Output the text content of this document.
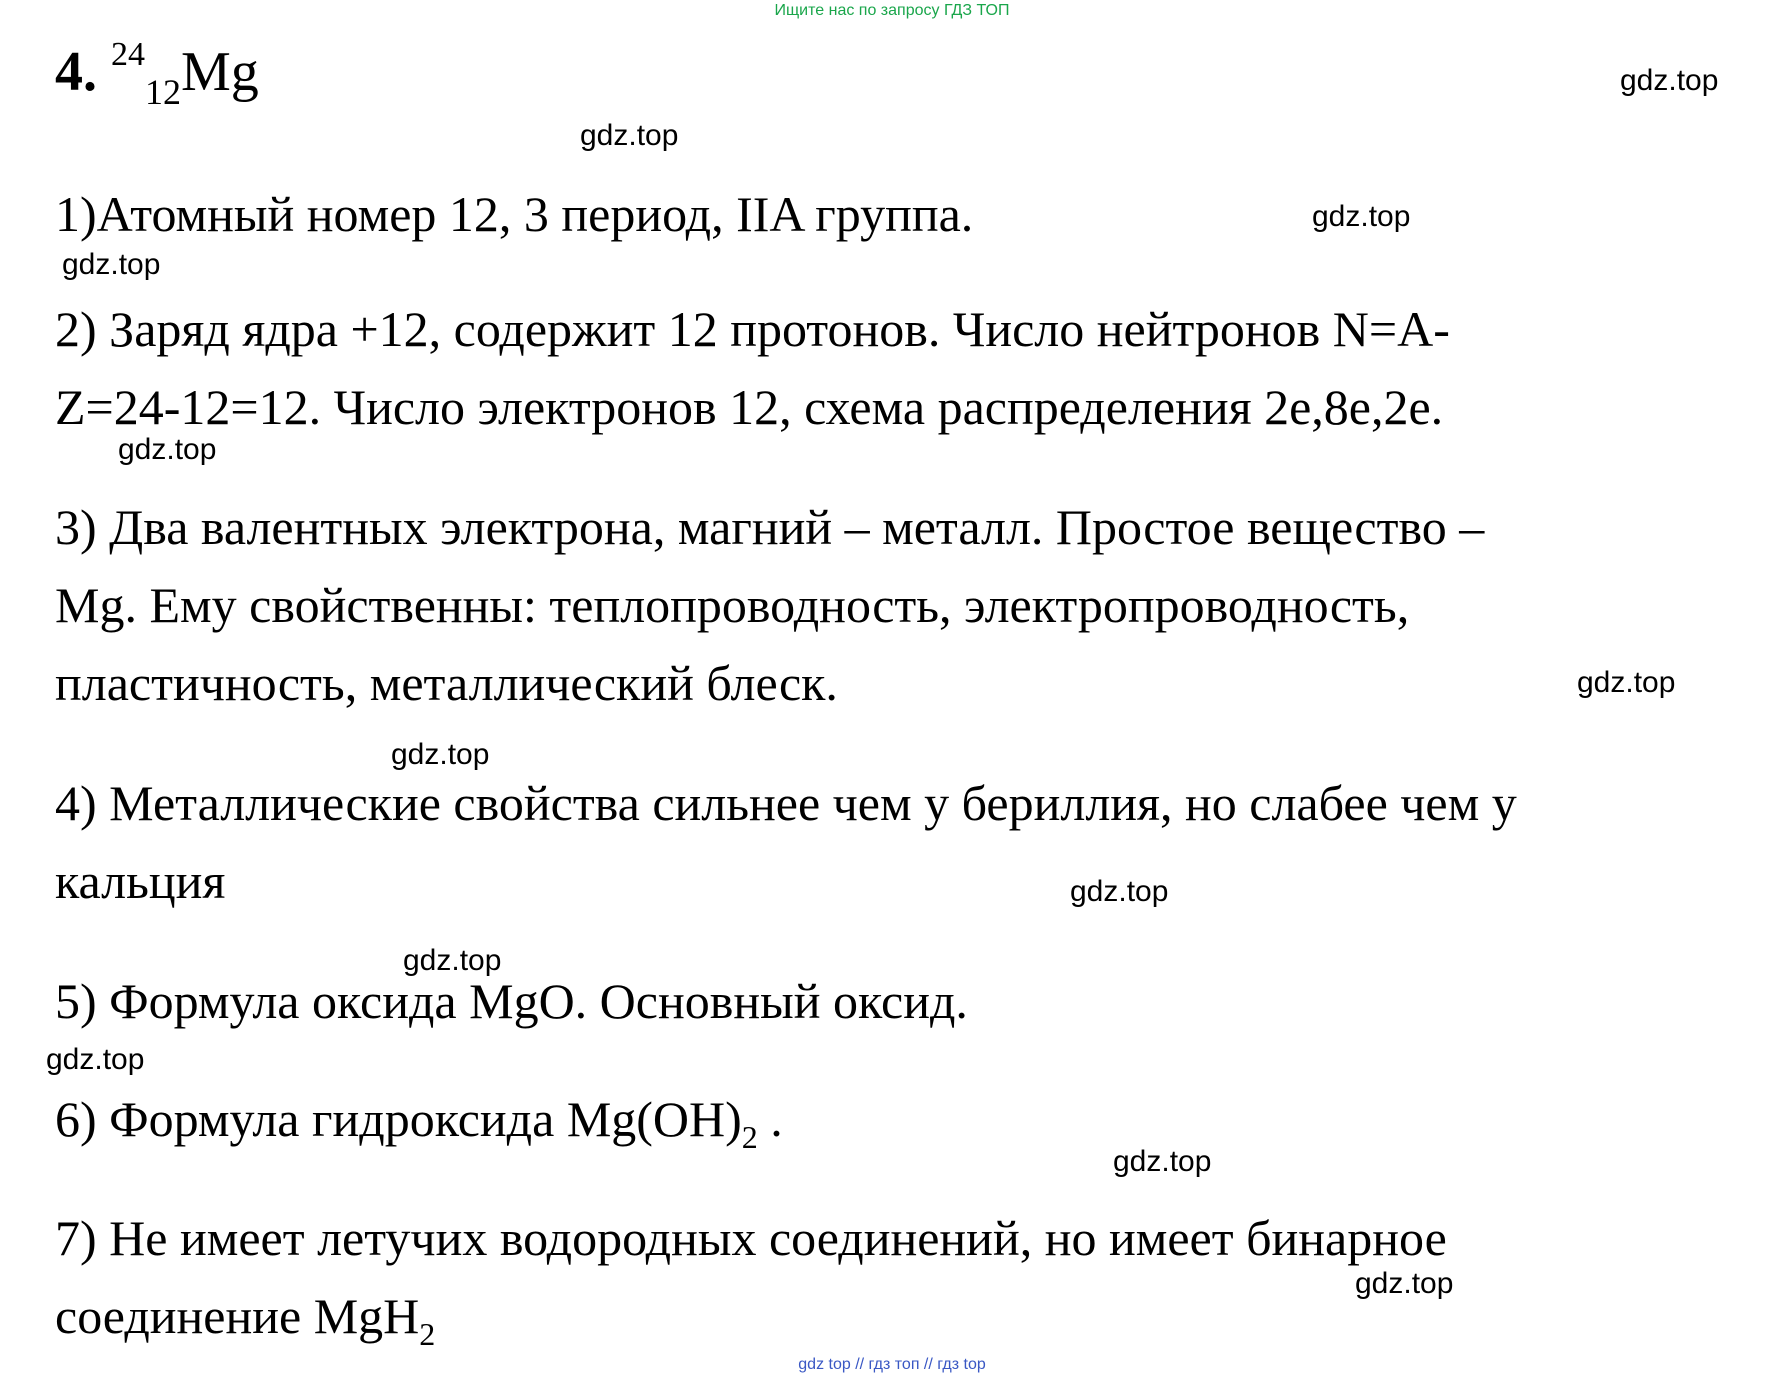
Ищите нас по запросу ГДЗ ТОП
4. $^{24}_{12}$Mg
1)Атомный номер 12, 3 период, IIA группа.
2) Заряд ядра +12, содержит 12 протонов. Число нейтронов N=A-
Z=24-12=12. Число электронов 12, схема распределения 2e,8e,2e.
3) Два валентных электрона, магний – металл. Простое вещество –
Mg. Ему свойственны: теплопроводность, электропроводность,
пластичность, металлический блеск.
4) Металлические свойства сильнее чем у бериллия, но слабее чем у
кальция
5) Формула оксида MgO. Основный оксид.
6) Формула гидроксида $Mg(OH)_2$ .
7) Не имеет летучих водородных соединений, но имеет бинарное
соединение MgH$_2$
gdz.top
gdz.top
gdz.top
gdz.top
gdz.top
gdz.top
gdz.top
gdz.top
gdz.top
gdz.top
gdz.top
gdz.top
gdz top // гдз топ // гдз top
